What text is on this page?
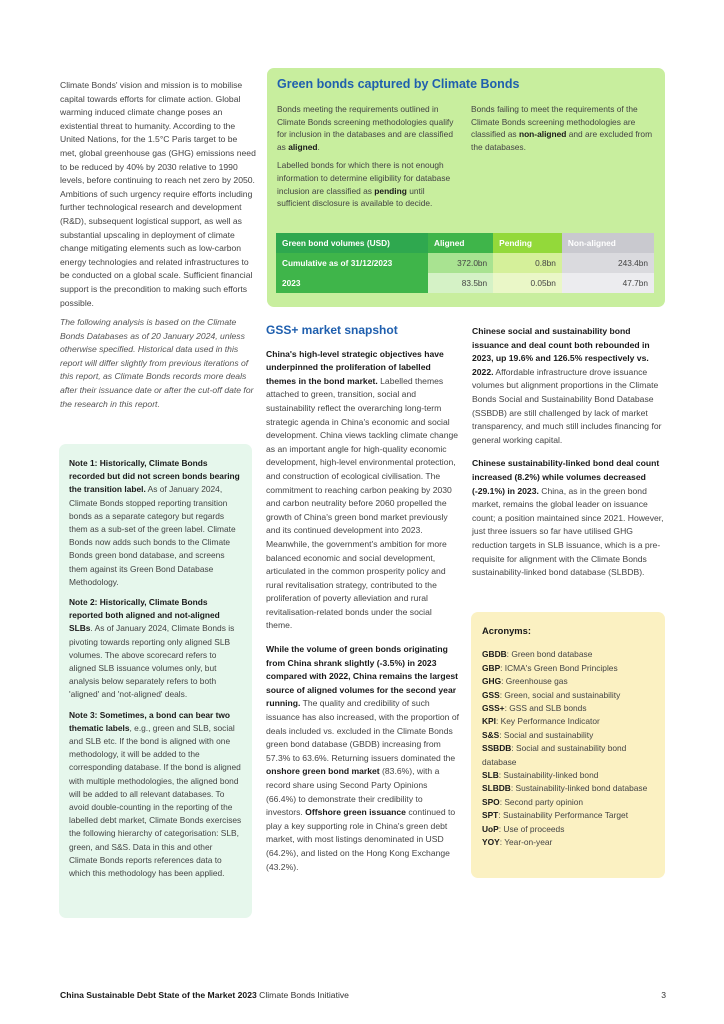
Climate Bonds' vision and mission is to mobilise capital towards efforts for climate action. Global warming induced climate change poses an existential threat to humanity. According to the United Nations, for the 1.5°C Paris target to be met, global greenhouse gas (GHG) emissions need to be reduced by 40% by 2030 relative to 1990 levels, before continuing to reach net zero by 2050. Ambitions of such urgency require efforts including further technological research and development (R&D), subsequent logistical support, as well as substantial upscaling in deployment of climate change mitigating elements such as low-carbon energy technologies and related infrastructures to be conducted on a global scale. Sufficient financial support is the precondition to making such efforts possible.

The following analysis is based on the Climate Bonds Databases as of 20 January 2024, unless otherwise specified. Historical data used in this report will differ slightly from previous iterations of this report, as Climate Bonds records more deals after their issuance date or after the cut-off date for the research in this report.

Note 1: Historically, Climate Bonds recorded but did not screen bonds bearing the transition label. As of January 2024, Climate Bonds stopped reporting transition bonds as a separate category but regards them as a sub-set of the green label. Climate Bonds now adds such bonds to the Climate Bonds green bond database, and screens them against its Green Bond Database Methodology.

Note 2: Historically, Climate Bonds reported both aligned and not-aligned SLBs. As of January 2024, Climate Bonds is pivoting towards reporting only aligned SLB volumes. The above scorecard refers to aligned SLB issuance volumes only, but analysis below separately refers to both 'aligned' and 'not-aligned' deals.

Note 3: Sometimes, a bond can bear two thematic labels, e.g., green and SLB, social and SLB etc. If the bond is aligned with one methodology, it will be added to the corresponding database. If the bond is aligned with multiple methodologies, the aligned bond will be added to all relevant databases. To avoid double-counting in the reporting of the labelled debt market, Climate Bonds exercises the following hierarchy of categorisation: SLB, green, and S&S. Data in this and other Climate Bonds reports references data to which this methodology has been applied.

Green bonds captured by Climate Bonds

Bonds meeting the requirements outlined in Climate Bonds screening methodologies qualify for inclusion in the databases and are classified as aligned.

Labelled bonds for which there is not enough information to determine eligibility for database inclusion are classified as pending until sufficient disclosure is available to decide.

Bonds failing to meet the requirements of the Climate Bonds screening methodologies are classified as non-aligned and are excluded from the databases.

Green bond volumes (USD)	Aligned	Pending	Non-aligned
Cumulative as of 31/12/2023	372.0bn	0.8bn	243.4bn
2023	83.5bn	0.05bn	47.7bn
GSS+ market snapshot

China's high-level strategic objectives have underpinned the proliferation of labelled themes in the bond market. Labelled themes attached to green, transition, social and sustainability reflect the overarching long-term strategic agenda in China's economic and social development. China views tackling climate change as an important angle for high-quality economic development, high-level environmental protection, and construction of ecological civilisation. The commitment to reaching carbon peaking by 2030 and carbon neutrality before 2060 propelled the growth of China's green bond market previously and its continued development into 2023. Meanwhile, the government's ambition for more balanced economic and social development, articulated in the common prosperity policy and rural revitalisation strategy, contributed to the proliferation of poverty alleviation and rural revitalisation-related bonds under the social theme.

While the volume of green bonds originating from China shrank slightly (-3.5%) in 2023 compared with 2022, China remains the largest source of aligned volumes for the second year running. The quality and credibility of such issuance has also increased, with the proportion of deals included vs. excluded in the Climate Bonds green bond database (GBDB) increasing from 57.3% to 63.6%. Returning issuers dominated the onshore green bond market (83.6%), with a record share using Second Party Opinions (66.4%) to demonstrate their credibility to investors. Offshore green issuance continued to play a key supporting role in China's green debt market, with most listings denominated in USD (64.2%), and listed on the Hong Kong Exchange (43.2%).

Chinese social and sustainability bond issuance and deal count both rebounded in 2023, up 19.6% and 126.5% respectively vs. 2022. Affordable infrastructure drove issuance volumes but alignment proportions in the Climate Bonds Social and Sustainability Bond Database (SSBDB) are still challenged by lack of market transparency, and much still includes financing for general working capital.

Chinese sustainability-linked bond deal count increased (8.2%) while volumes decreased (-29.1%) in 2023. China, as in the green bond market, remains the global leader on issuance count; a position maintained since 2021. However, just three issuers so far have utilised GHG reduction targets in SLB issuance, which is a pre-requisite for alignment with the Climate Bonds sustainability-linked bond database (SLBDB).

Acronyms:
GBDB: Green bond database
GBP: ICMA's Green Bond Principles
GHG: Greenhouse gas
GSS: Green, social and sustainability
GSS+: GSS and SLB bonds
KPI: Key Performance Indicator
S&S: Social and sustainability
SSBDB: Social and sustainability bond database
SLB: Sustainability-linked bond
SLBDB: Sustainability-linked bond database
SPO: Second party opinion
SPT: Sustainability Performance Target
UoP: Use of proceeds
YOY: Year-on-year
China Sustainable Debt State of the Market 2023 Climate Bonds Initiative	3
